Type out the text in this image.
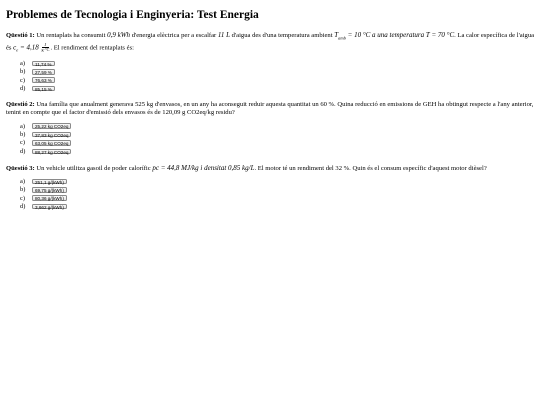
Problemes de Tecnologia i Enginyeria: Test Energia

Qüestió 1: Un rentaplats ha consumit 0,9 kWh d'energia elèctrica per a escalfar 11 L d'aigua des d'una temperatura ambient $T_{amb} = 10$ °C a una temperatura T = 70 °C. La calor específica de l'aigua és $c_e = 4,18 \frac{J}{g\cdot^\circ C}$ . El rendiment del rentaplats és:

a)	11,74 %
b)	27,59 %
c)	76,63 %
d)	85,15 %

Qüestió 2: Una família que anualment generava 525 kg d'envasos, en un any ha aconseguit reduir aquesta quantitat un 60 %. Quina reducció en emissions de GEH ha obtingut respecte a l'any anterior, tenint en compte que el factor d'emissió dels envasos és de 120,09 g CO2eq/kg residu?

a)	25,22 kg CO2eq
b)	37,83 kg CO2eq
c)	63,05 kg CO2eq
d)	88,27 kg CO2eq

Qüestió 3: Un vehicle utilitza gasoil de poder calorífic pc = 44,8 MJ/kg i densitat 0,85 kg/L. El motor té un rendiment del 32 %. Quin és el consum específic d'aquest motor dièsel?

a)	251,1 g/(kWh)
b)	69,75 g/(kWh)
c)	80,36 g/(kWh)
d)	3,662 g/(kWh)
